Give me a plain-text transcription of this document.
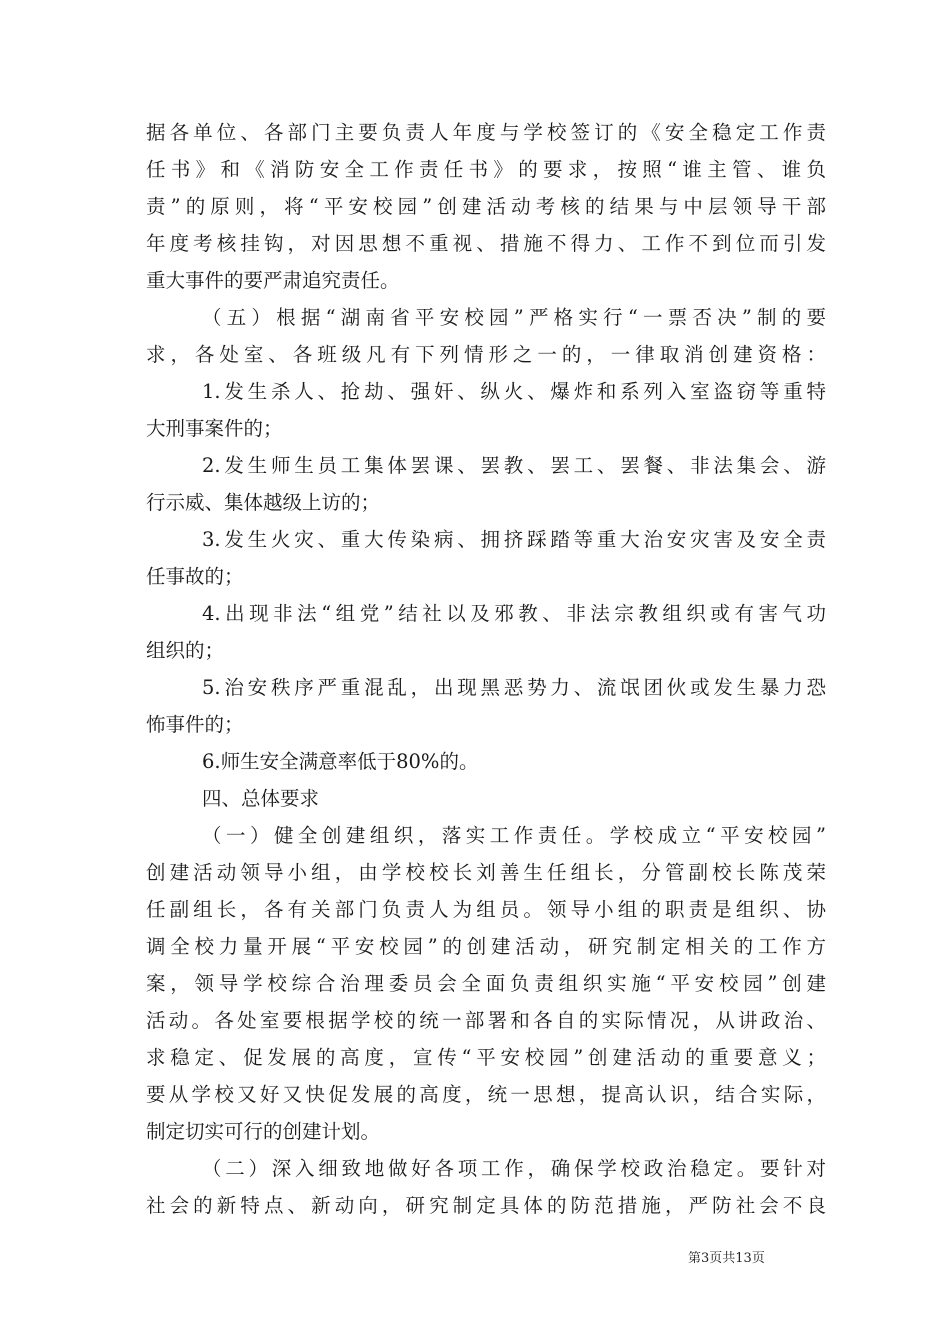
据各单位、各部门主要负责人年度与学校签订的《安全稳定工作责
任书》和《消防安全工作责任书》的要求，按照“谁主管、谁负
责”的原则，将“平安校园”创建活动考核的结果与中层领导干部
年度考核挂钩，对因思想不重视、措施不得力、工作不到位而引发
重大事件的要严肃追究责任。
（五）根据“湖南省平安校园”严格实行“一票否决”制的要
求，各处室、各班级凡有下列情形之一的，一律取消创建资格：
1.发生杀人、抢劫、强奸、纵火、爆炸和系列入室盗窃等重特
大刑事案件的；
2.发生师生员工集体罢课、罢教、罢工、罢餐、非法集会、游
行示威、集体越级上访的；
3.发生火灾、重大传染病、拥挤踩踏等重大治安灾害及安全责
任事故的；
4.出现非法“组党”结社以及邪教、非法宗教组织或有害气功
组织的；
5.治安秩序严重混乱，出现黑恶势力、流氓团伙或发生暴力恐
怖事件的；
6.师生安全满意率低于80%的。
四、总体要求
（一）健全创建组织，落实工作责任。学校成立“平安校园”
创建活动领导小组，由学校校长刘善生任组长，分管副校长陈茂荣
任副组长，各有关部门负责人为组员。领导小组的职责是组织、协
调全校力量开展“平安校园”的创建活动，研究制定相关的工作方
案，领导学校综合治理委员会全面负责组织实施“平安校园”创建
活动。各处室要根据学校的统一部署和各自的实际情况，从讲政治、
求稳定、促发展的高度，宣传“平安校园”创建活动的重要意义；
要从学校又好又快促发展的高度，统一思想，提高认识，结合实际，
制定切实可行的创建计划。
（二）深入细致地做好各项工作，确保学校政治稳定。要针对
社会的新特点、新动向，研究制定具体的防范措施，严防社会不良
第3页共13页
